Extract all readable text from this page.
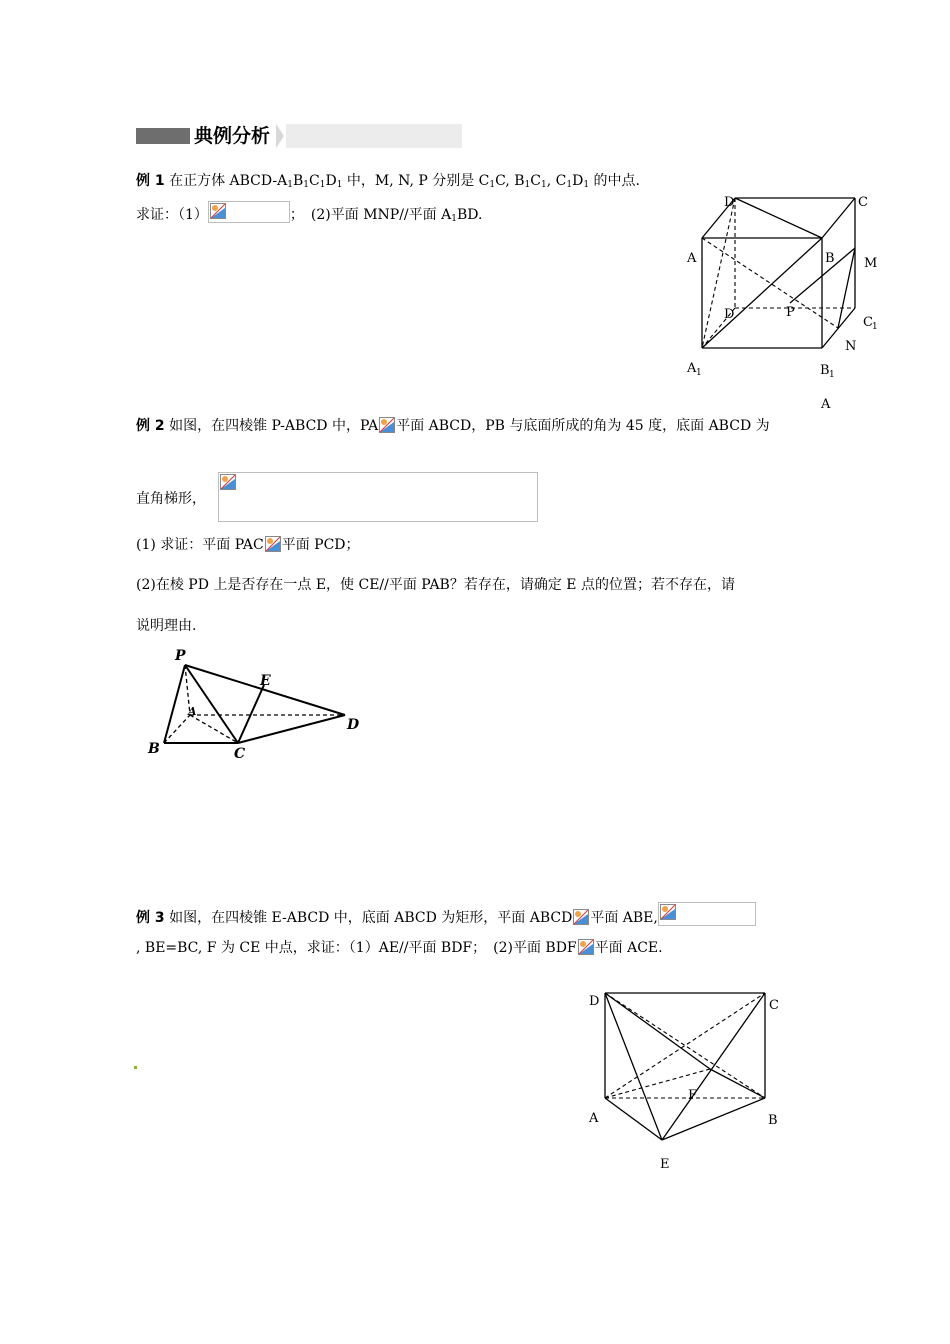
典例分析
例 1 在正方体 ABCD-$A_1B_1C_1D_1$ 中，M, N, P 分别是 $C_1C$, $B_1C_1$, $C_1D_1$ 的中点.
求证：（1）	；　(2)平面 MNP//平面 $A_1BD$.
D	C
A	B M
D	P
C 1
N
A 1	B 1
A
例 2 如图，在四棱锥 P-ABCD 中，PA 平面 ABCD，PB 与底面所成的角为 45 度，底面 ABCD 为
直角梯形，
(1) 求证：平面 PAC 平面 PCD；
(2)在棱 PD 上是否存在一点 E，使 CE//平面 PAB？若存在，请确定 E 点的位置；若不存在，请
说明理由.
P
E
A
B	C
D
例 3 如图，在四棱锥 E-ABCD 中，底面 ABCD 为矩形，平面 ABCD 平面 ABE,
, BE=BC, F 为 CE 中点，求证：（1）AE//平面 BDF；　(2)平面 BDF 平面 ACE.
D	C
A	B
F
E
